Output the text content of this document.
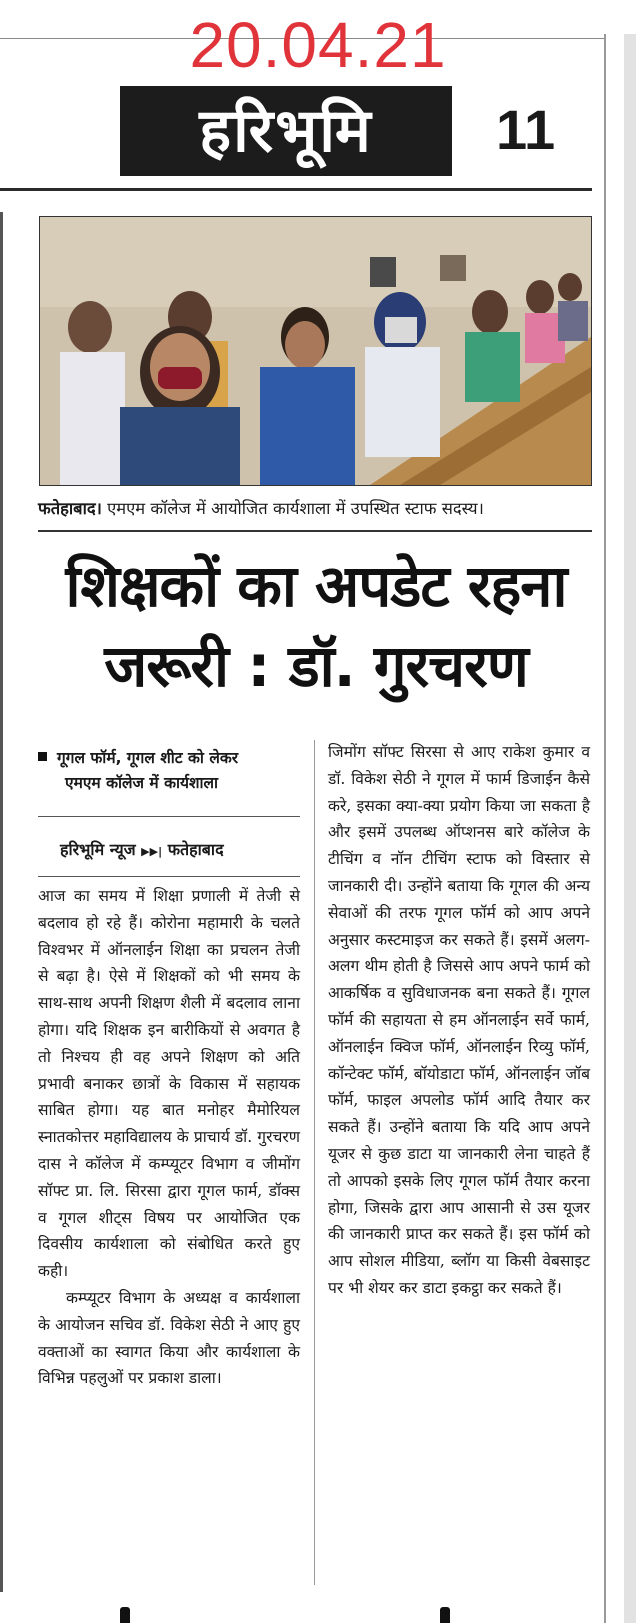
20.04.21
हरिभूमि	11
फतेहाबाद। एमएम कॉलेज में आयोजित कार्यशाला में उपस्थित स्टाफ सदस्य।
शिक्षकों का अपडेट रहना
जरूरी : डॉ. गुरचरण
गूगल फॉर्म, गूगल शीट को लेकर
एमएम कॉलेज में कार्यशाला
हरिभूमि न्यूज ▶▶| फतेहाबाद

आज का समय में शिक्षा प्रणाली में तेजी से बदलाव हो रहे हैं। कोरोना महामारी के चलते विश्वभर में ऑनलाईन शिक्षा का प्रचलन तेजी से बढ़ा है। ऐसे में शिक्षकों को भी समय के साथ-साथ अपनी शिक्षण शैली में बदलाव लाना होगा। यदि शिक्षक इन बारीकियों से अवगत है तो निश्चय ही वह अपने शिक्षण को अति प्रभावी बनाकर छात्रों के विकास में सहायक साबित होगा। यह बात मनोहर मैमोरियल स्नातकोत्तर महाविद्यालय के प्राचार्य डॉ. गुरचरण दास ने कॉलेज में कम्प्यूटर विभाग व जीमोंग सॉफ्ट प्रा. लि. सिरसा द्वारा गूगल फार्म, डॉक्स व गूगल शीट्स विषय पर आयोजित एक दिवसीय कार्यशाला को संबोधित करते हुए कही।

कम्प्यूटर विभाग के अध्यक्ष व कार्यशाला के आयोजन सचिव डॉ. विकेश सेठी ने आए हुए वक्ताओं का स्वागत किया और कार्यशाला के विभिन्न पहलुओं पर प्रकाश डाला।

जिमोंग सॉफ्ट सिरसा से आए राकेश कुमार व डॉ. विकेश सेठी ने गूगल में फार्म डिजाईन कैसे करे, इसका क्या-क्या प्रयोग किया जा सकता है और इसमें उपलब्ध ऑप्शनस बारे कॉलेज के टीचिंग व नॉन टीचिंग स्टाफ को विस्तार से जानकारी दी। उन्होंने बताया कि गूगल की अन्य सेवाओं की तरफ गूगल फॉर्म को आप अपने अनुसार कस्टमाइज कर सकते हैं। इसमें अलग-अलग थीम होती है जिससे आप अपने फार्म को आकर्षिक व सुविधाजनक बना सकते हैं। गूगल फॉर्म की सहायता से हम ऑनलाईन सर्वे फार्म, ऑनलाईन क्विज फॉर्म, ऑनलाईन रिव्यु फॉर्म, कॉन्टेक्ट फॉर्म, बॉयोडाटा फॉर्म, ऑनलाईन जॉब फॉर्म, फाइल अपलोड फॉर्म आदि तैयार कर सकते हैं। उन्होंने बताया कि यदि आप अपने यूजर से कुछ डाटा या जानकारी लेना चाहते हैं तो आपको इसके लिए गूगल फॉर्म तैयार करना होगा, जिसके द्वारा आप आसानी से उस यूजर की जानकारी प्राप्त कर सकते हैं। इस फॉर्म को आप सोशल मीडिया, ब्लॉग या किसी वेबसाइट पर भी शेयर कर डाटा इकट्ठा कर सकते हैं।
